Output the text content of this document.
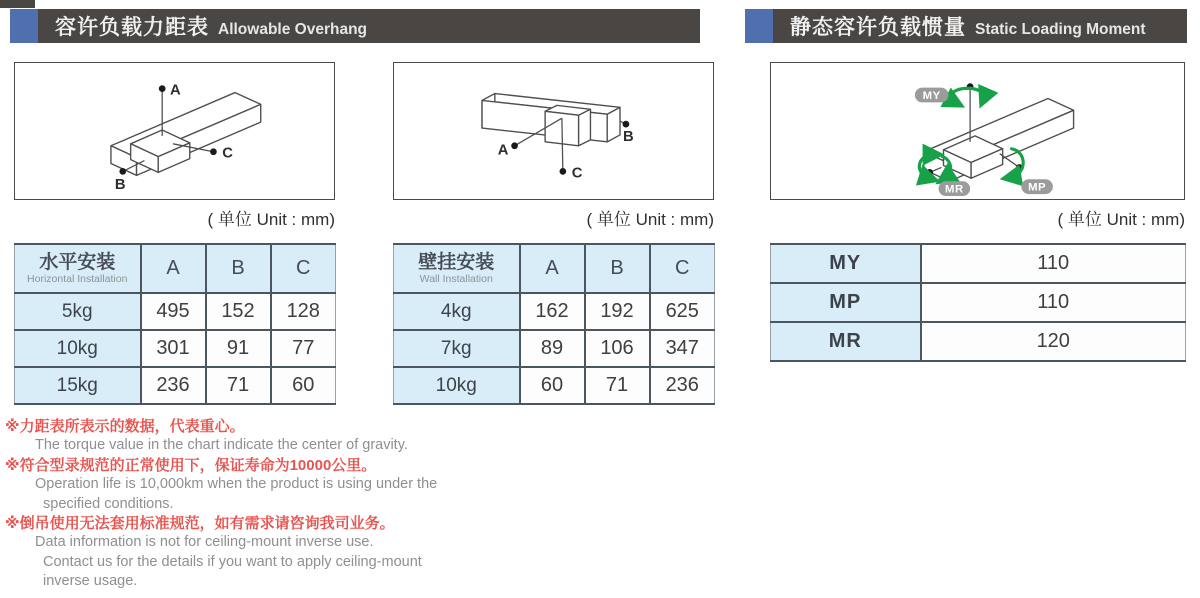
容许负载力距表 Allowable Overhang	静态容许负载惯量 Static Loading Moment
A
B
C	A
B
C
MY
MP
MR
( 单位 Unit : mm)	( 单位 Unit : mm)	( 单位 Unit : mm)
水平安装
Horizontal Installation	A	B	C
5kg	495	152	128
10kg	301	91	77
15kg	236	71	60
壁挂安装
Wall Installation	A	B	C
4kg	162	192	625
7kg	89	106	347
10kg	60	71	236
MY	110
MP	110
MR	120
※力距表所表示的数据，代表重心。
The torque value in the chart indicate the center of gravity.
※符合型录规范的正常使用下，保证寿命为10000公里。
Operation life is 10,000km when the product is using under the
specified conditions.
※倒吊使用无法套用标准规范，如有需求请咨询我司业务。
Data information is not for ceiling-mount inverse use.
Contact us for the details if you want to apply ceiling-mount
inverse usage.
